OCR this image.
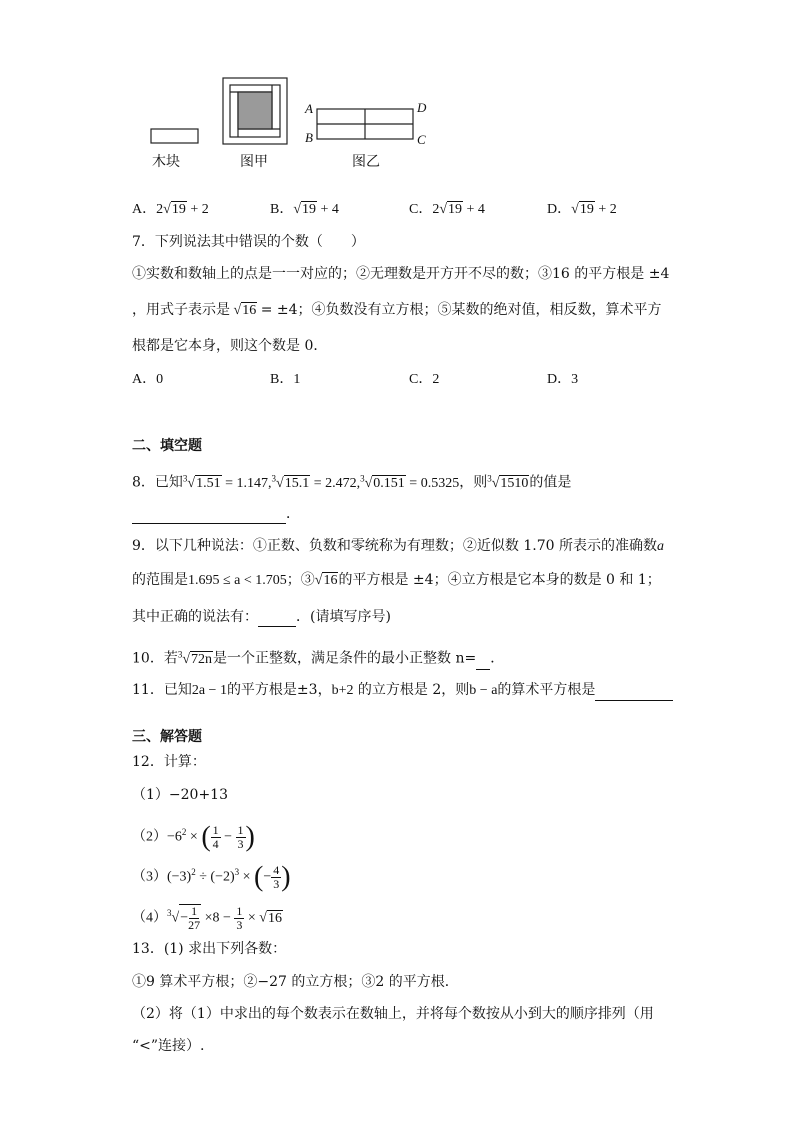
A
B	C
D
木块	图甲	图乙
A．2√19 + 2	B．√19 + 4	C．2√19 + 4	D．√19 + 2
7．下列说法其中错误的个数（　　）
①实数和数轴上的点是一一对应的；②无理数是开方开不尽的数；③16 的平方根是 ±4
，用式子表示是 √16 = ±4；④负数没有立方根；⑤某数的绝对值，相反数，算术平方
根都是它本身，则这个数是 0．
A．0	B．1	C．2	D．3
二、填空题
8．已知$^3$√1.51 = 1.147,$^3$√15.1 = 2.472,$^3$√0.151 = 0.5325，则$^3$√1510的值是
．
9．以下几种说法：①正数、负数和零统称为有理数；②近似数 1.70 所表示的准确数a
的范围是1.695 ≤ a < 1.705；③√16的平方根是 ±4；④立方根是它本身的数是 0 和 1；
其中正确的说法有：	．(请填写序号)
10．若$^3$√72n是一个正整数，满足条件的最小正整数 n= ．
11．已知2a − 1的平方根是±3，b+2 的立方根是 2，则b − a的算术平方根是
三、解答题
12．计算：
（1）−20+13
$(2)-6^2$ × ( $\frac{1}{4} - \frac{1}{3}$ )
$(3)(-3)^2 \div (-2)^3$ × (− $\frac{4}{3}$ )
$(4)^3√- \frac{1}{27} \times 8 - \frac{1}{3} \times √16$
13．(1) 求出下列各数：
①9 算术平方根；②−27 的立方根；③2 的平方根．
（2）将（1）中求出的每个数表示在数轴上，并将每个数按从小到大的顺序排列（用
“<”连接）.
